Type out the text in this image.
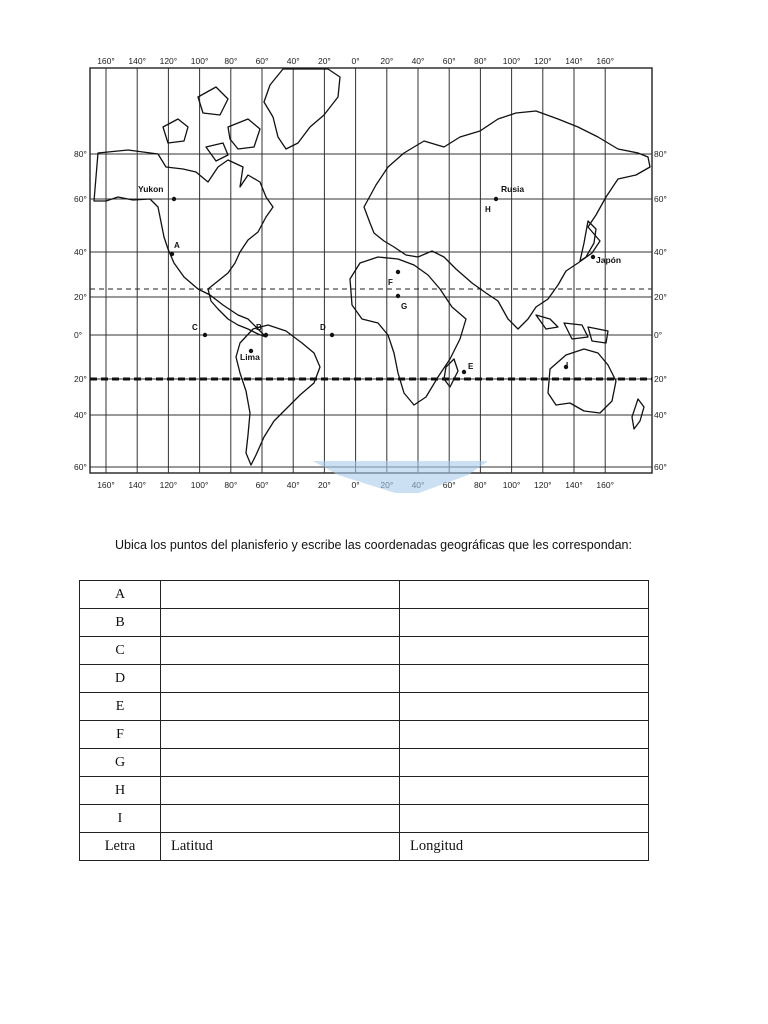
160° 140° 120° 100° 80° 60° 40° 20° 0° 20° 40° 60° 80° 100° 120° 140° 160°
160° 140° 120° 100° 80° 60° 40° 20° 0°	60° 80° 100° 120° 140° 160°
80°
60°
40°
20°
0°
20°
40°
60°
80°
60°
40°
20°
0°
20°
40°
60°
A
B
C	D
E
F
G
H
I
Yukon	Rusia
Japón
Lima
Ubica los puntos del planisferio y escribe las coordenadas geográficas que les correspondan:
A		
B		
C		
D		
E		
F		
G		
H		
I		
Letra	Latitud	Longitud
